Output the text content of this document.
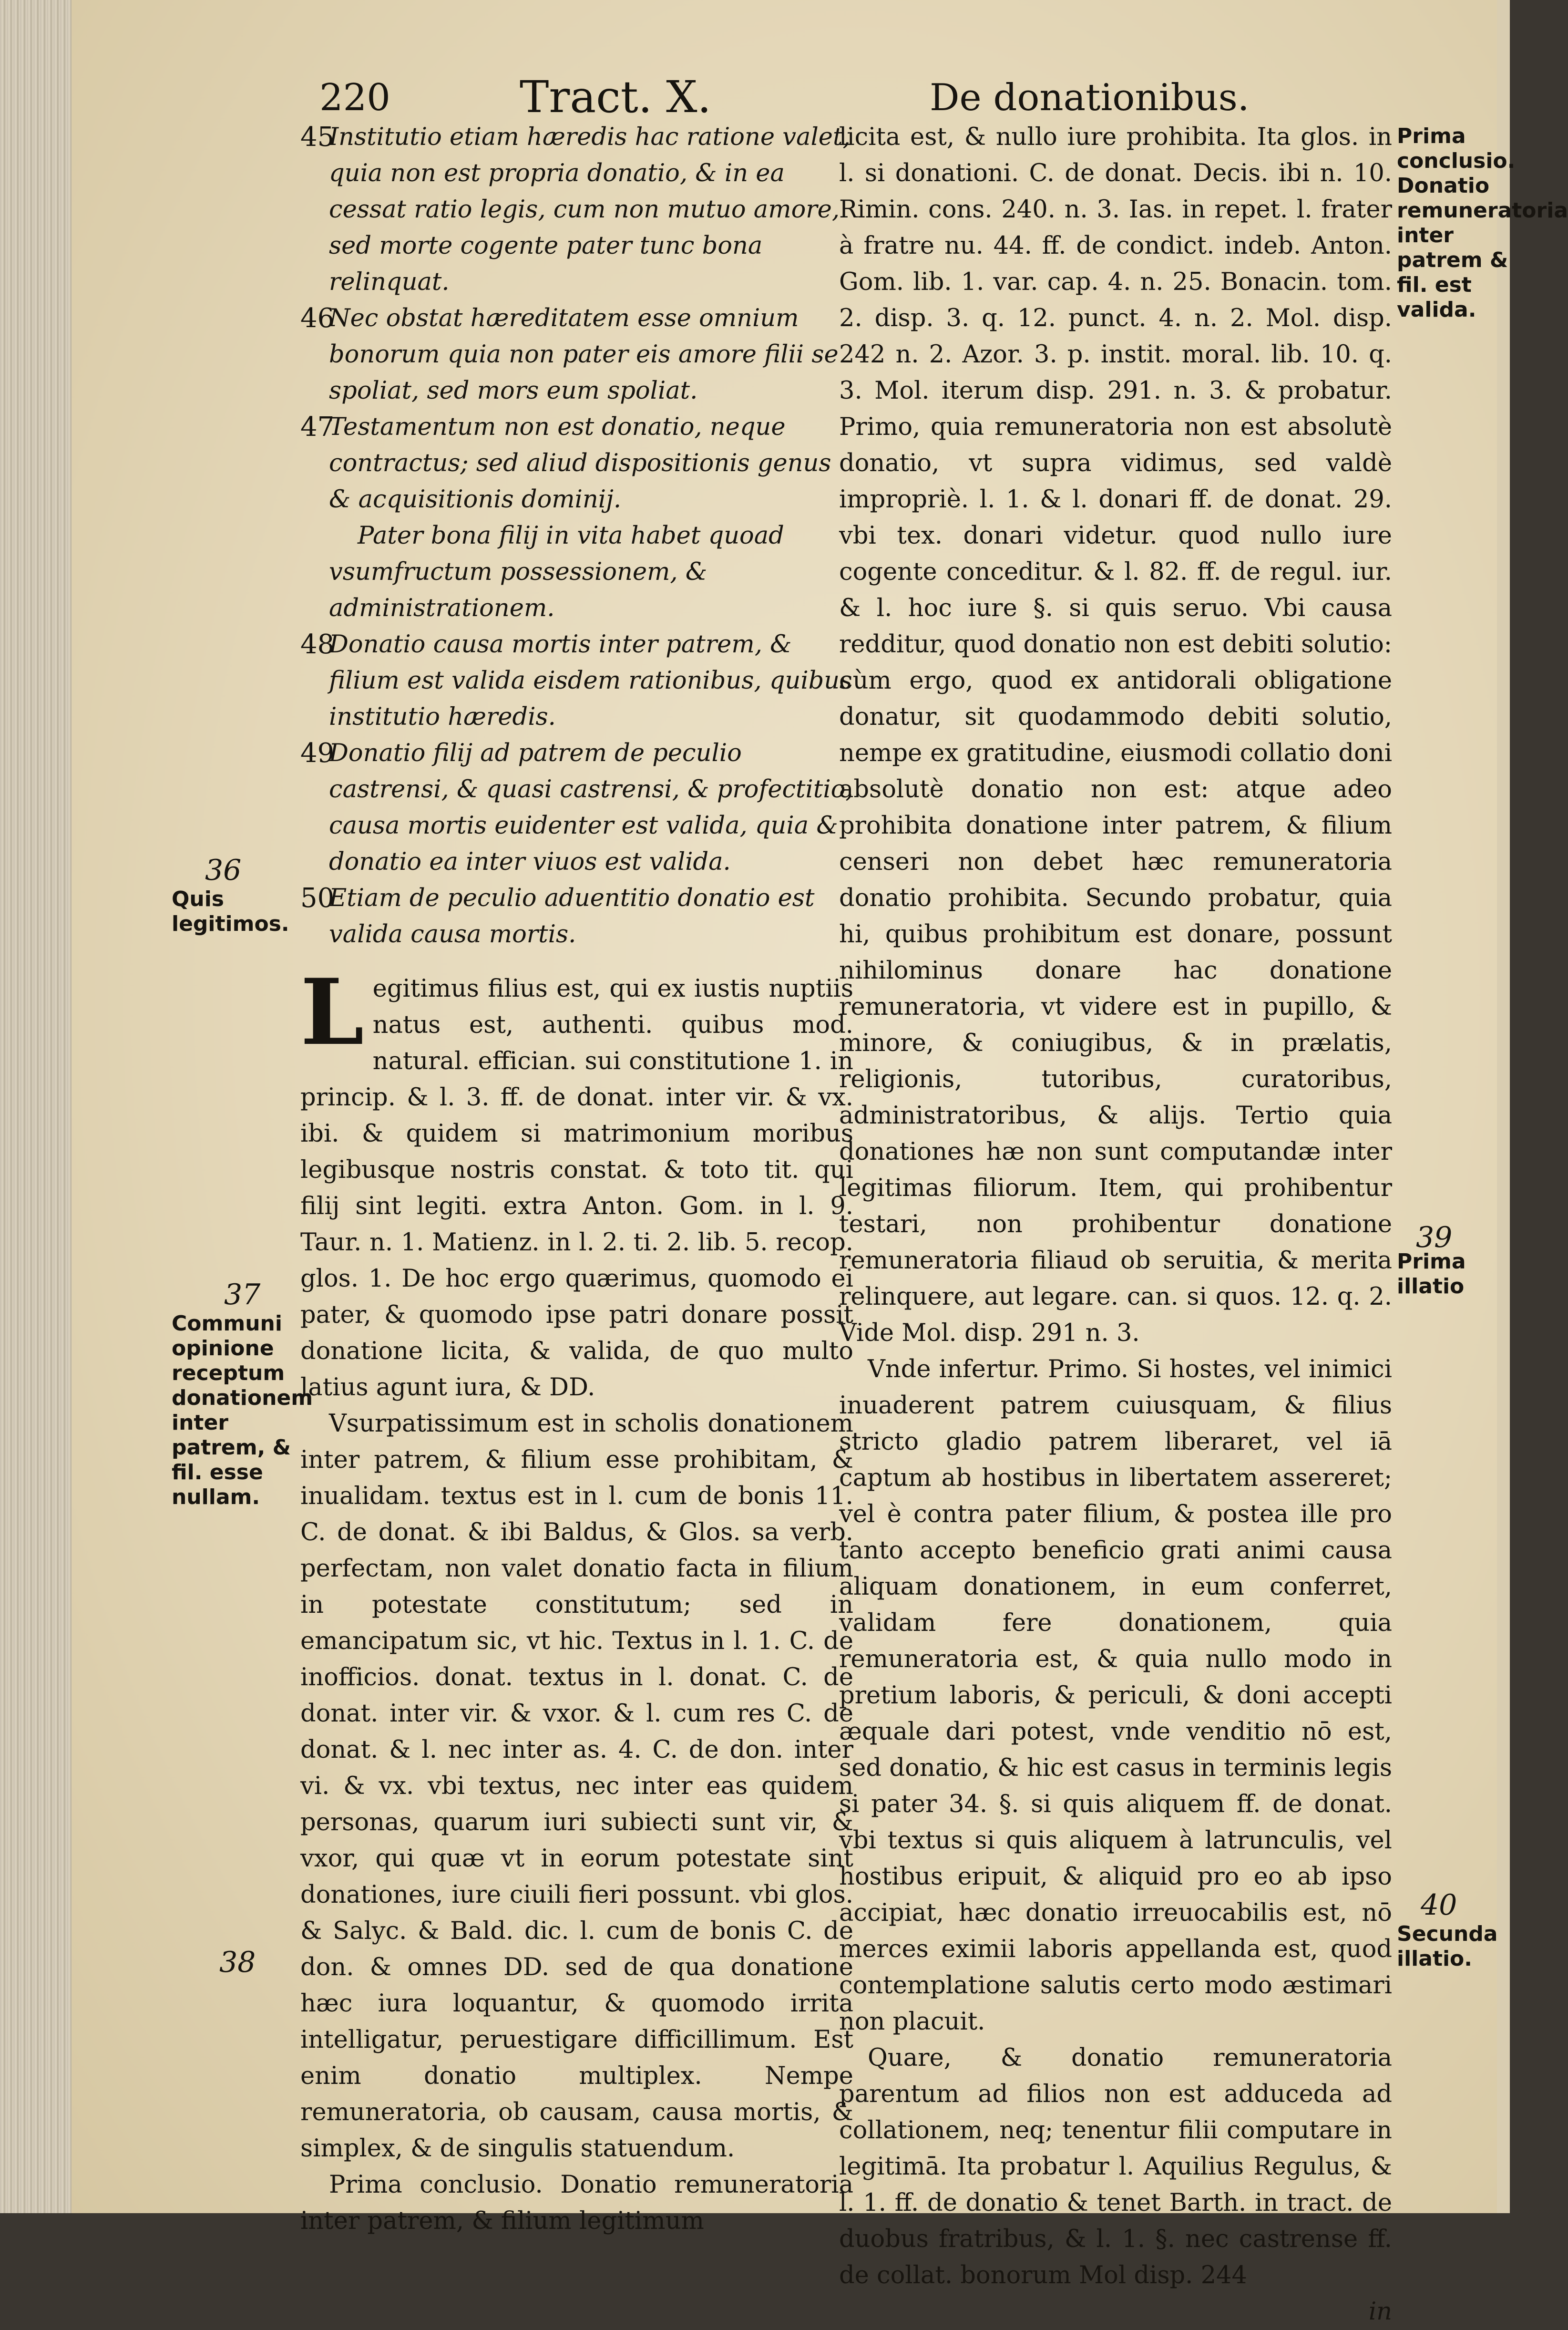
220	Tract. X.	De donationibus.
45
Institutio etiam hæredis hac ratione valet, quia non est propria donatio, & in ea cessat ratio legis, cum non mutuo amore, sed morte cogente pater tunc bona relinquat.
46
Nec obstat hæreditatem esse omnium bonorum quia non pater eis amore filii se spoliat, sed mors eum spoliat.
47
Testamentum non est donatio, neque contractus; sed aliud dispositionis genus & acquisitionis dominij.
Pater bona filij in vita habet quoad vsumfructum possessionem, & administrationem.
48
Donatio causa mortis inter patrem, & filium est valida eisdem rationibus, quibus institutio hæredis.
49
Donatio filij ad patrem de peculio castrensi, & quasi castrensi, & profectitio, causa mortis euidenter est valida, quia & donatio ea inter viuos est valida.
50
Etiam de peculio aduentitio donatio est valida causa mortis.

Legitimus filius est, qui ex iustis nuptiis natus est, authenti. quibus mod. natural. effician. sui constitutione 1. in princip. & l. 3. ff. de donat. inter vir. & vx. ibi. & quidem si matrimonium moribus legibusque nostris constat. & toto tit. qui filij sint legiti. extra Anton. Gom. in l. 9. Taur. n. 1. Matienz. in l. 2. ti. 2. lib. 5. recop. glos. 1. De hoc ergo quærimus, quomodo ei pater, & quomodo ipse patri donare possit donatione licita, & valida, de quo multo latius agunt iura, & DD.

Vsurpatissimum est in scholis donationem inter patrem, & filium esse prohibitam, & inualidam. textus est in l. cum de bonis 11. C. de donat. & ibi Baldus, & Glos. sa verb. perfectam, non valet donatio facta in filium in potestate constitutum; sed in emancipatum sic, vt hic. Textus in l. 1. C. de inofficios. donat. textus in l. donat. C. de donat. inter vir. & vxor. & l. cum res C. de donat. & l. nec inter as. 4. C. de don. inter vi. & vx. vbi textus, nec inter eas quidem personas, quarum iuri subiecti sunt vir, & vxor, qui quæ vt in eorum potestate sint donationes, iure ciuili fieri possunt. vbi glos. & Salyc. & Bald. dic. l. cum de bonis C. de don. & omnes DD. sed de qua donatione hæc iura loquantur, & quomodo irrita intelligatur, peruestigare difficillimum. Est enim donatio multiplex. Nempe remuneratoria, ob causam, causa mortis, & simplex, & de singulis statuendum.

Prima conclusio. Donatio remuneratoria inter patrem, & filium legitimum

licita est, & nullo iure prohibita. Ita glos. in l. si donationi. C. de donat. Decis. ibi n. 10. Rimin. cons. 240. n. 3. Ias. in repet. l. frater à fratre nu. 44. ff. de condict. indeb. Anton. Gom. lib. 1. var. cap. 4. n. 25. Bonacin. tom. 2. disp. 3. q. 12. punct. 4. n. 2. Mol. disp. 242 n. 2. Azor. 3. p. instit. moral. lib. 10. q. 3. Mol. iterum disp. 291. n. 3. & probatur. Primo, quia remuneratoria non est absolutè donatio, vt supra vidimus, sed valdè impropriè. l. 1. & l. donari ff. de donat. 29. vbi tex. donari videtur. quod nullo iure cogente conceditur. & l. 82. ff. de regul. iur. & l. hoc iure §. si quis seruo. Vbi causa redditur, quod donatio non est debiti solutio: cùm ergo, quod ex antidorali obligatione donatur, sit quodammodo debiti solutio, nempe ex gratitudine, eiusmodi collatio doni absolutè donatio non est: atque adeo prohibita donatione inter patrem, & filium censeri non debet hæc remuneratoria donatio prohibita. Secundo probatur, quia hi, quibus prohibitum est donare, possunt nihilominus donare hac donatione remuneratoria, vt videre est in pupillo, & minore, & coniugibus, & in prælatis, religionis, tutoribus, curatoribus, administratoribus, & alijs. Tertio quia donationes hæ non sunt computandæ inter legitimas filiorum. Item, qui prohibentur testari, non prohibentur donatione remuneratoria filiaud ob seruitia, & merita relinquere, aut legare. can. si quos. 12. q. 2. Vide Mol. disp. 291 n. 3.

Vnde infertur. Primo. Si hostes, vel inimici inuaderent patrem cuiusquam, & filius stricto gladio patrem liberaret, vel iā captum ab hostibus in libertatem assereret; vel è contra pater filium, & postea ille pro tanto accepto beneficio grati animi causa aliquam donationem, in eum conferret, validam fere donationem, quia remuneratoria est, & quia nullo modo in pretium laboris, & periculi, & doni accepti æquale dari potest, vnde venditio nō est, sed donatio, & hic est casus in terminis legis si pater 34. §. si quis aliquem ff. de donat. vbi textus si quis aliquem à latrunculis, vel hostibus eripuit, & aliquid pro eo ab ipso accipiat, hæc donatio irreuocabilis est, nō merces eximii laboris appellanda est, quod contemplatione salutis certo modo æstimari non placuit.

Quare, & donatio remuneratoria parentum ad filios non est adduceda ad collationem, neq; tenentur filii computare in legitimā. Ita probatur l. Aquilius Regulus, & l. 1. ff. de donatio & tenet Barth. in tract. de duobus fratribus, & l. 1. §. nec castrense ff. de collat. bonorum Mol disp. 244

in
36
Quis legitimos.
37
Communi opinione receptum donationem inter patrem, & fil. esse nullam.
38
Prima conclusio. Donatio remuneratoria inter patrem & fil. est valida.
39
Prima illatio
40
Secunda illatio.
